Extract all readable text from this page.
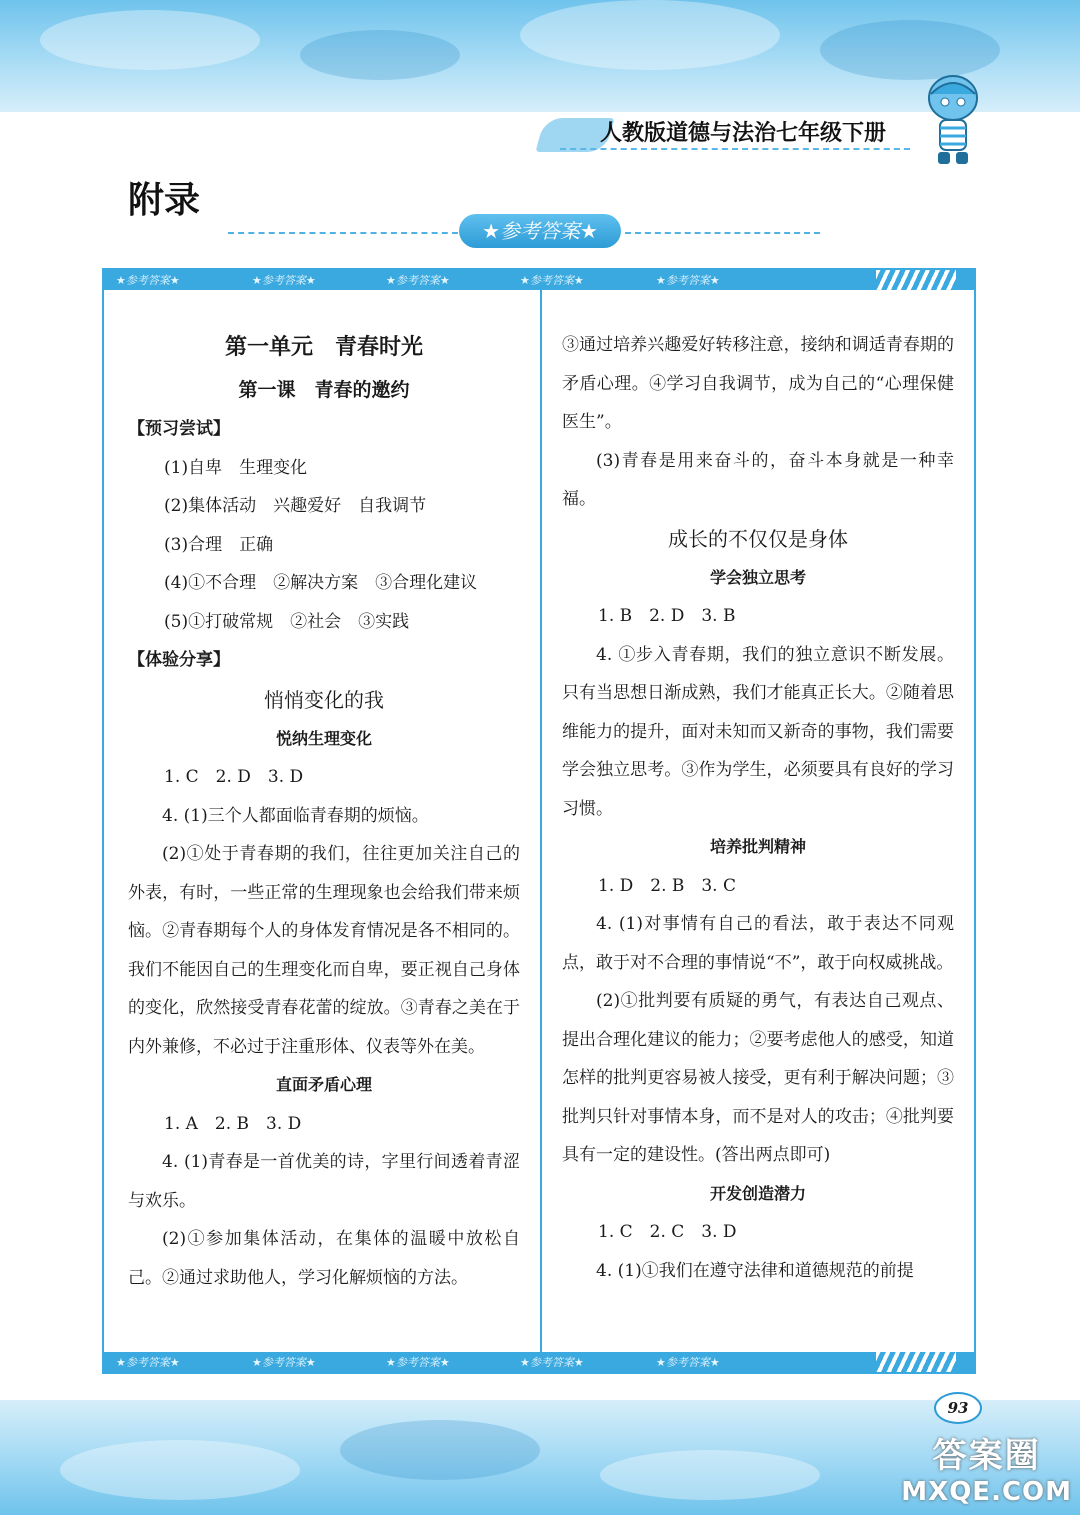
人教版道德与法治七年级下册
附录
★参考答案★
★参考答案★	★参考答案★	★参考答案★	★参考答案★	★参考答案★
★参考答案★	★参考答案★	★参考答案★	★参考答案★	★参考答案★
第一单元　青春时光
第一课　青春的邀约
【预习尝试】

(1)自卑　生理变化

(2)集体活动　兴趣爱好　自我调节

(3)合理　正确

(4)①不合理　②解决方案　③合理化建议

(5)①打破常规　②社会　③实践

【体验分享】
悄悄变化的我
悦纳生理变化

1. C　2. D　3. D

4. (1)三个人都面临青春期的烦恼。

(2)①处于青春期的我们，往往更加关注自己的外表，有时，一些正常的生理现象也会给我们带来烦恼。②青春期每个人的身体发育情况是各不相同的。我们不能因自己的生理变化而自卑，要正视自己身体的变化，欣然接受青春花蕾的绽放。③青春之美在于内外兼修，不必过于注重形体、仪表等外在美。

直面矛盾心理

1. A　2. B　3. D

4. (1)青春是一首优美的诗，字里行间透着青涩与欢乐。

(2)①参加集体活动，在集体的温暖中放松自己。②通过求助他人，学习化解烦恼的方法。

③通过培养兴趣爱好转移注意，接纳和调适青春期的矛盾心理。④学习自我调节，成为自己的“心理保健医生”。

(3)青春是用来奋斗的，奋斗本身就是一种幸福。

成长的不仅仅是身体
学会独立思考

1. B　2. D　3. B

4. ①步入青春期，我们的独立意识不断发展。只有当思想日渐成熟，我们才能真正长大。②随着思维能力的提升，面对未知而又新奇的事物，我们需要学会独立思考。③作为学生，必须要具有良好的学习习惯。

培养批判精神

1. D　2. B　3. C

4. (1)对事情有自己的看法，敢于表达不同观点，敢于对不合理的事情说“不”，敢于向权威挑战。

(2)①批判要有质疑的勇气，有表达自己观点、提出合理化建议的能力；②要考虑他人的感受，知道怎样的批判更容易被人接受，更有利于解决问题；③批判只针对事情本身，而不是对人的攻击；④批判要具有一定的建设性。(答出两点即可)

开发创造潜力

1. C　2. C　3. D

4. (1)①我们在遵守法律和道德规范的前提

93
答案圈
MXQE.COM
